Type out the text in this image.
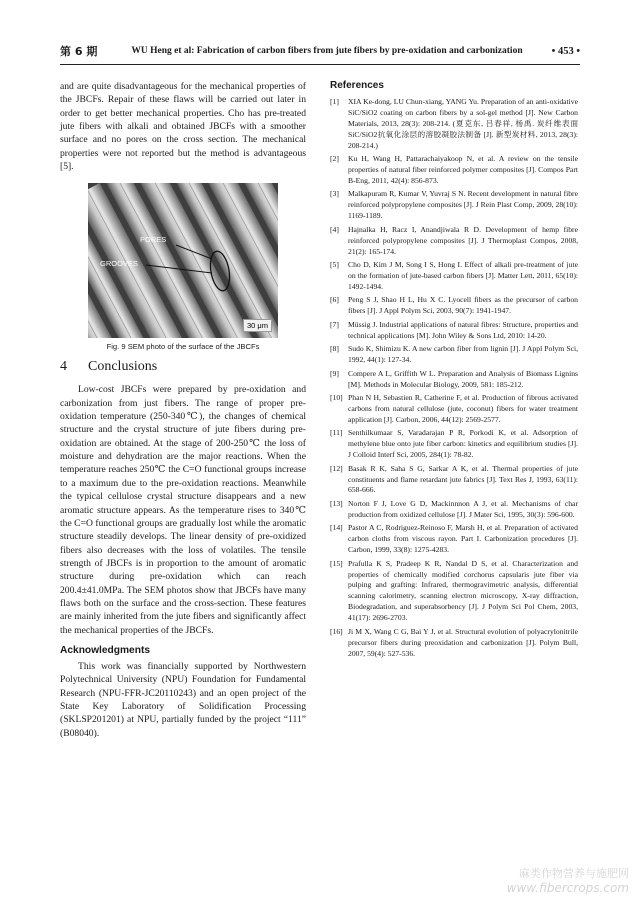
第 6 期	WU Heng et al: Fabrication of carbon fibers from jute fibers by pre-oxidation and carbonization	• 453 •

and are quite disadvantageous for the mechanical properties of the JBCFs. Repair of these flaws will be carried out later in order to get better mechanical properties. Cho has pre-treated jute fibers with alkali and obtained JBCFs with a smoother surface and no pores on the cross section. The mechanical properties were not reported but the method is advantageous [5].

PORES
GROOVES
30 μm
Fig. 9 SEM photo of the surface of the JBCFs
4 Conclusions

Low-cost JBCFs were prepared by pre-oxidation and carbonization from just fibers. The range of proper pre-oxidation temperature (250-340℃), the changes of chemical structure and the crystal structure of jute fibers during pre-oxidation are obtained. At the stage of 200-250℃ the loss of moisture and dehydration are the major reactions. When the temperature reaches 250℃ the C=O functional groups increase to a maximum due to the pre-oxidation reactions. Meanwhile the typical cellulose crystal structure disappears and a new aromatic structure appears. As the temperature rises to 340℃ the C=O functional groups are gradually lost while the aromatic structure steadily develops. The linear density of pre-oxidized fibers also decreases with the loss of volatiles. The tensile strength of JBCFs is in proportion to the amount of aromatic structure during pre-oxidation which can reach 200.4±41.0MPa. The SEM photos show that JBCFs have many flaws both on the surface and the cross-section. These features are mainly inherited from the jute fibers and significantly affect the mechanical properties of the JBCFs.

Acknowledgments

This work was financially supported by Northwestern Polytechnical University (NPU) Foundation for Fundamental Research (NPU-FFR-JC20110243) and an open project of the State Key Laboratory of Solidification Processing (SKLSP201201) at NPU, partially funded by the project “111” (B08040).

References
[1]	XIA Ke-dong, LU Chun-xiang, YANG Yu. Preparation of an anti-oxidative SiC/SiO2 coating on carbon fibers by a sol-gel method [J]. New Carbon Materials, 2013, 28(3): 208-214. (夏克东, 吕春祥, 杨禹. 炭纤维表面SiC/SiO2抗氧化涂层的溶胶凝胶法制备 [J]. 新型炭材料, 2013, 28(3): 208-214.)
[2]	Ku H, Wang H, Pattarachaiyakoop N, et al. A review on the tensile properties of natural fiber reinforced polymer composites [J]. Compos Part B-Eng, 2011, 42(4): 856-873.
[3]	Malkapuram R, Kumar V, Yuvraj S N. Recent development in natural fibre reinforced polypropylene composites [J]. J Rein Plast Comp, 2009, 28(10): 1169-1189.
[4]	Hajnalka H, Racz I, Anandjiwala R D. Development of hemp fibre reinforced polypropylene composites [J]. J Thermoplast Compos, 2008, 21(2): 165-174.
[5]	Cho D, Kim J M, Song I S, Hong I. Effect of alkali pre-treatment of jute on the formation of jute-based carbon fibers [J]. Matter Lett, 2011, 65(10): 1492-1494.
[6]	Peng S J, Shao H L, Hu X C. Lyocell fibers as the precursor of carbon fibers [J]. J Appl Polym Sci, 2003, 90(7): 1941-1947.
[7]	Müssig J. Industrial applications of natural fibres: Structure, properties and technical applications [M]. John Wiley & Sons Ltd, 2010: 14-20.
[8]	Sudo K, Shimizu K. A new carbon fiber from lignin [J]. J Appl Polym Sci, 1992, 44(1): 127-34.
[9]	Compere A L, Griffith W L. Preparation and Analysis of Biomass Lignins [M]. Methods in Molecular Biology, 2009, 581: 185-212.
[10] Phan N H, Sebastien R, Catherine F, et al. Production of fibrous activated carbons from natural cellulose (jute, coconut) fibers for water treatment application [J]. Carbon, 2006, 44(12): 2569-2577.
[11] Senthilkumaar S, Varadarajan P R, Porkodi K, et al. Adsorption of methylene blue onto jute fiber carbon: kinetics and equilibrium studies [J]. J Colloid Interf Sci, 2005, 284(1): 78-82.
[12] Basak R K, Saha S G, Sarkar A K, et al. Thermal properties of jute constituents and flame retardant jute fabrics [J]. Text Res J, 1993, 63(11): 658-666.
[13] Norton F J, Love G D, Mackinnnon A J, et al. Mechanisms of char production from oxidized cellulose [J]. J Mater Sci, 1995, 30(3): 596-600.
[14] Pastor A C, Rodriguez-Reinoso F, Marsh H, et al. Preparation of activated carbon cloths from viscous rayon. Part I. Carbonization procedures [J]. Carbon, 1999, 33(8): 1275-4283.
[15] Prafulla K S, Pradeep K R, Nandal D S, et al. Characterization and properties of chemically modified corchorus capsularis jute fiber via pulping and grafting: Infrared, thermogravimetric analysis, differential scanning calorimetry, scanning electron microscopy, X-ray diffraction, Biodegradation, and superabsorbency [J]. J Polym Sci Pol Chem, 2003, 41(17): 2696-2703.
[16] Ji M X, Wang C G, Bai Y J, et al. Structural evolution of polyacrylonitrile precursor fibers during preoxidation and carbonization [J]. Polym Bull, 2007, 59(4): 527-536.
麻类作物营养与施肥网
www.fibercrops.com
